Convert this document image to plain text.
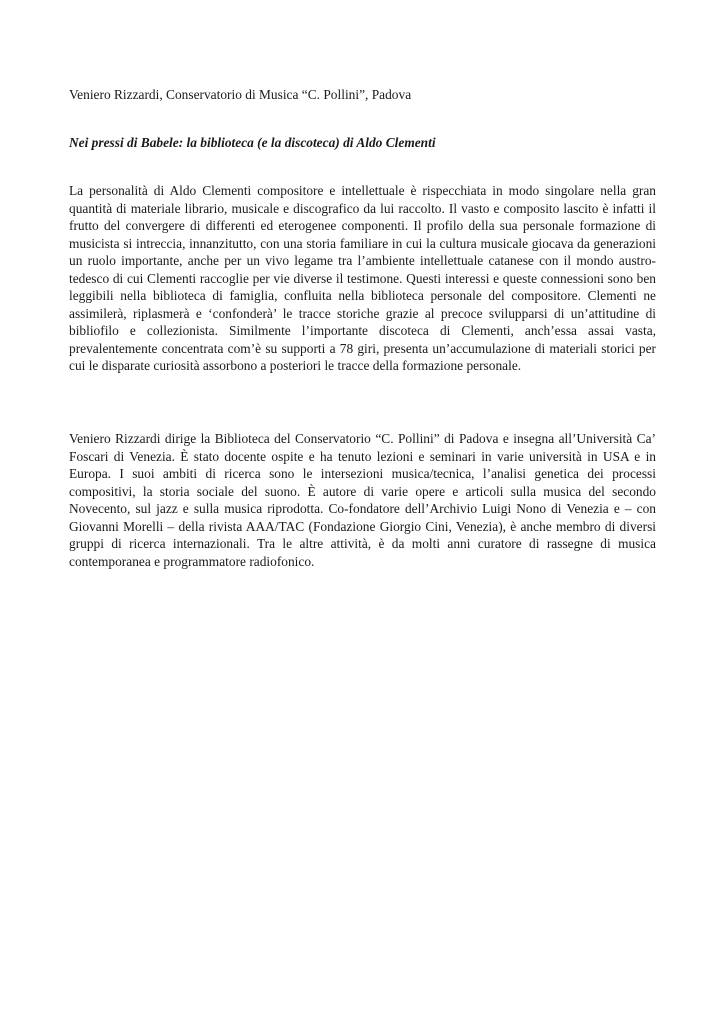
Veniero Rizzardi, Conservatorio di Musica “C. Pollini”, Padova

Nei pressi di Babele: la biblioteca (e la discoteca) di Aldo Clementi

La personalità di Aldo Clementi compositore e intellettuale è rispecchiata in modo singolare nella gran quantità di materiale librario, musicale e discografico da lui raccolto. Il vasto e composito lascito è infatti il frutto del convergere di differenti ed eterogenee componenti. Il profilo della sua personale formazione di musicista si intreccia, innanzitutto, con una storia familiare in cui la cultura musicale giocava da generazioni un ruolo importante, anche per un vivo legame tra l’ambiente intellettuale catanese con il mondo austro-tedesco di cui Clementi raccoglie per vie diverse il testimone. Questi interessi e queste connessioni sono ben leggibili nella biblioteca di famiglia, confluita nella biblioteca personale del compositore. Clementi ne assimilerà, riplasmerà e ‘confonderà’ le tracce storiche grazie al precoce svilupparsi di un’attitudine di bibliofilo e collezionista. Similmente l’importante discoteca di Clementi, anch’essa assai vasta, prevalentemente concentrata com’è su supporti a 78 giri, presenta un’accumulazione di materiali storici per cui le disparate curiosità assorbono a posteriori le tracce della formazione personale.

Veniero Rizzardi dirige la Biblioteca del Conservatorio “C. Pollini” di Padova e insegna all’Università Ca’ Foscari di Venezia. È stato docente ospite e ha tenuto lezioni e seminari in varie università in USA e in Europa. I suoi ambiti di ricerca sono le intersezioni musica/tecnica, l’analisi genetica dei processi compositivi, la storia sociale del suono. È autore di varie opere e articoli sulla musica del secondo Novecento, sul jazz e sulla musica riprodotta. Co-fondatore dell’Archivio Luigi Nono di Venezia e – con Giovanni Morelli – della rivista AAA/TAC (Fondazione Giorgio Cini, Venezia), è anche membro di diversi gruppi di ricerca internazionali. Tra le altre attività, è da molti anni curatore di rassegne di musica contemporanea e programmatore radiofonico.
